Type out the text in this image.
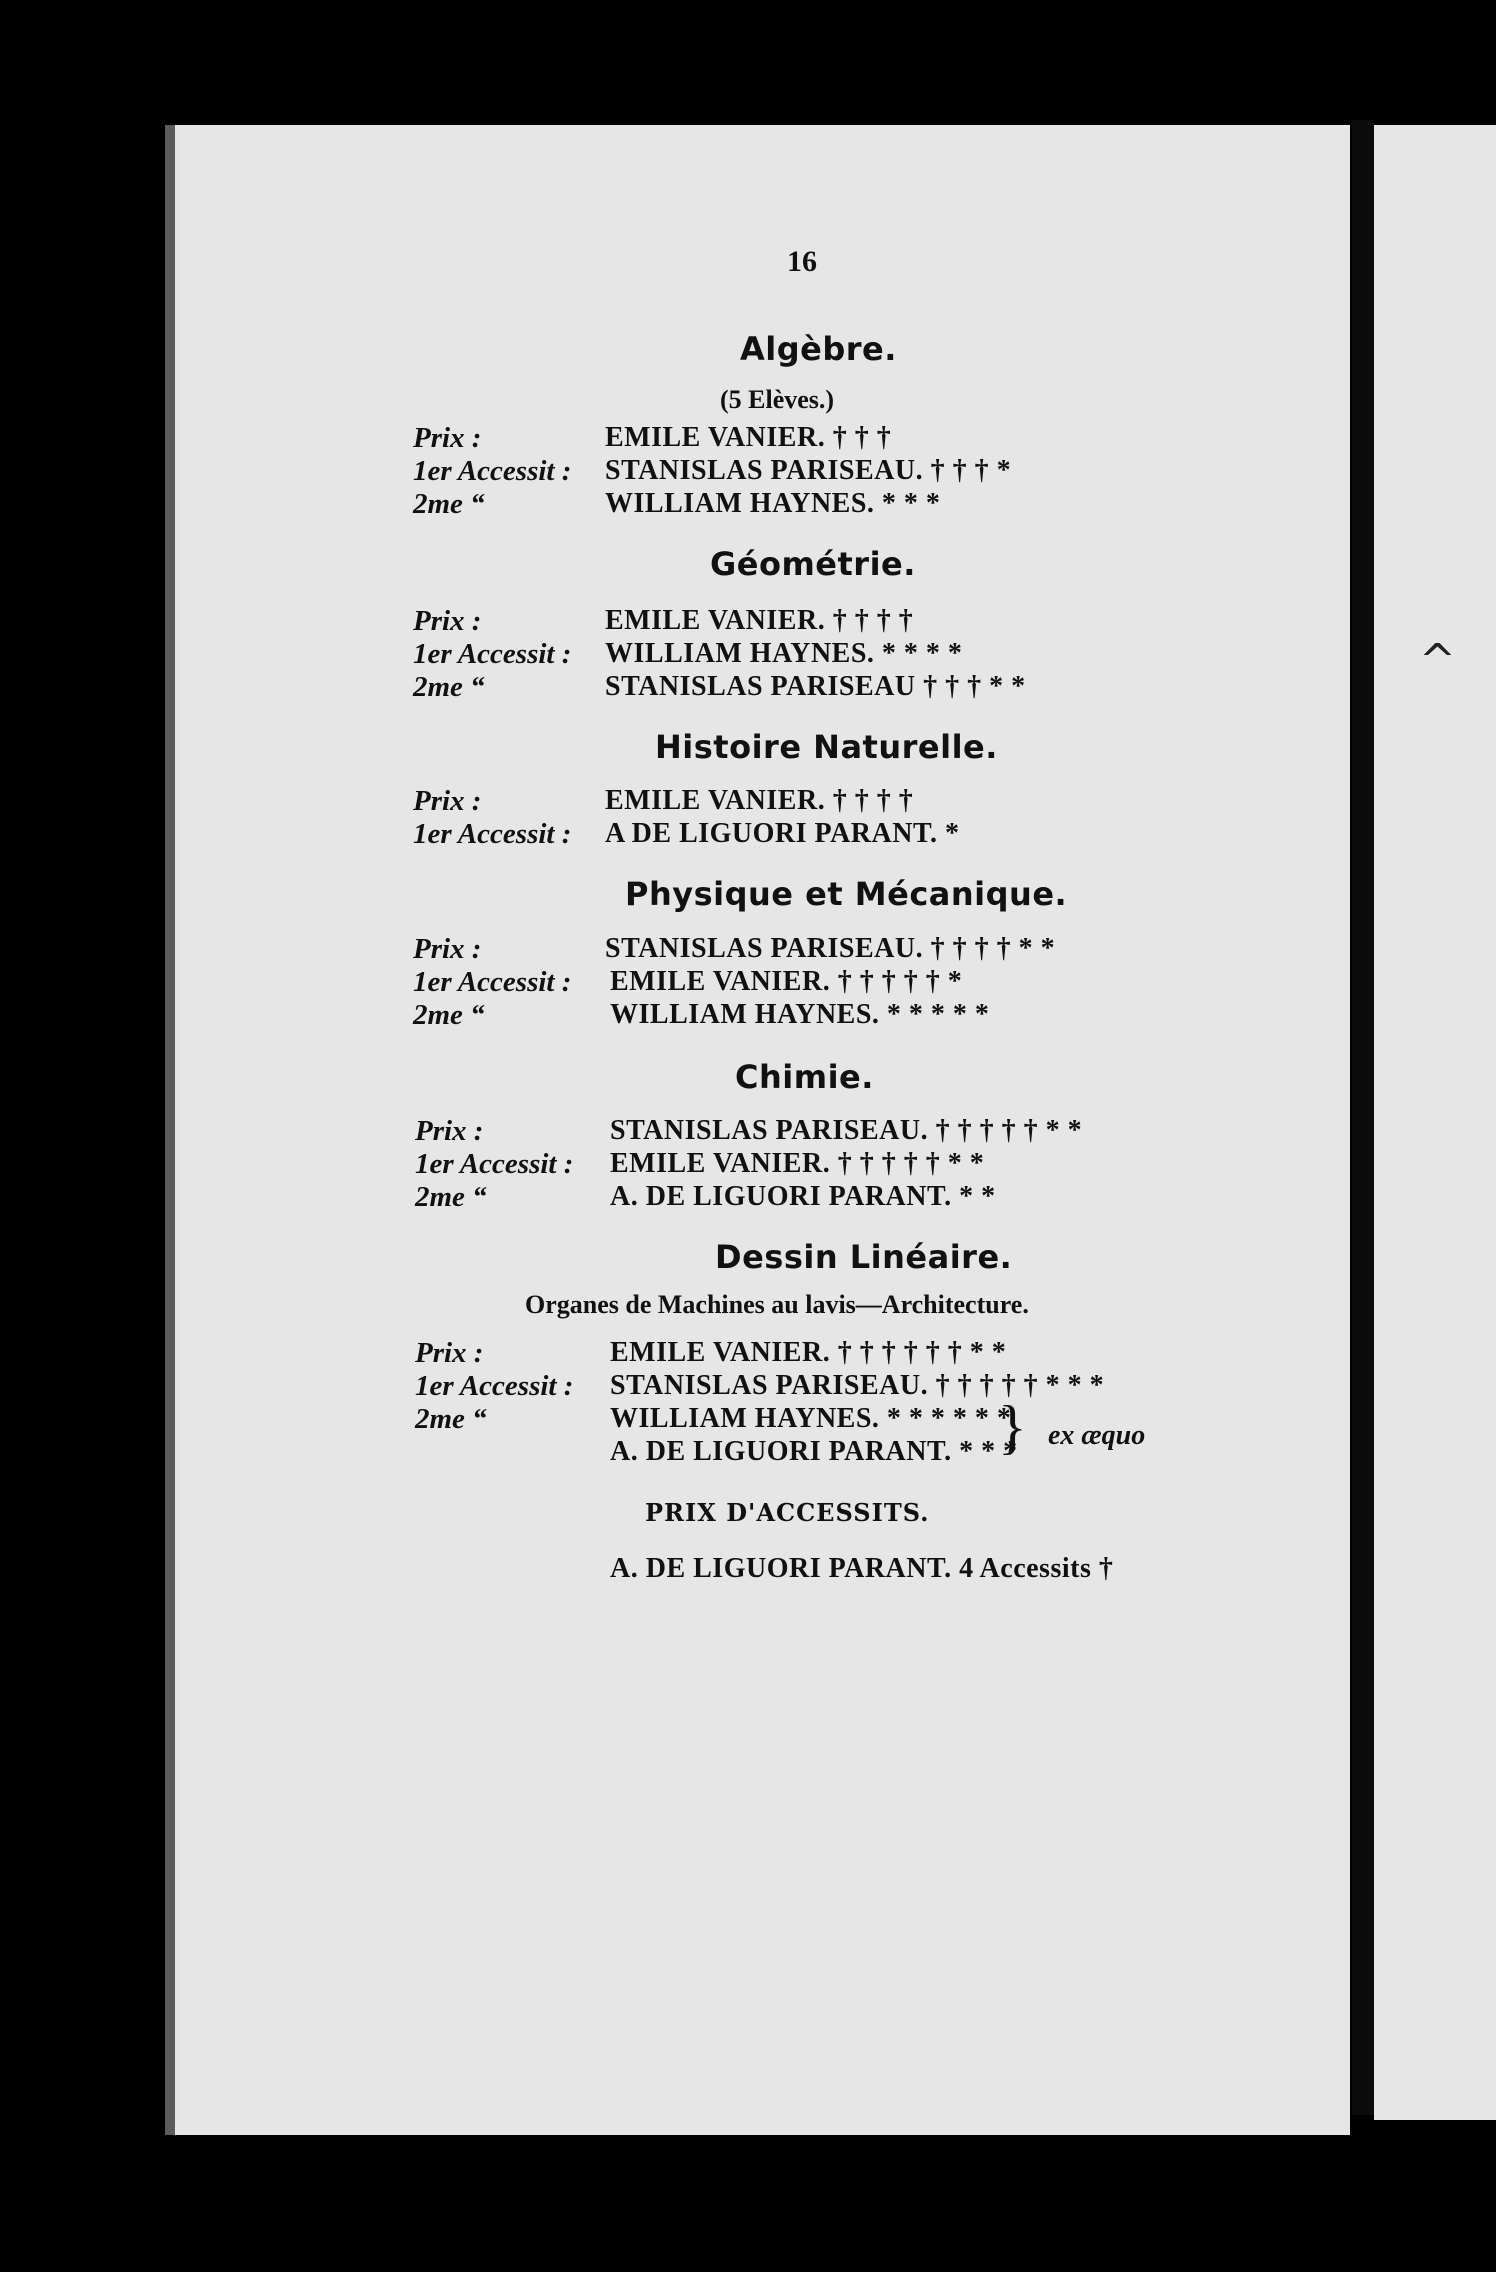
16
Algèbre.
(5 Elèves.)
Prix :	EMILE VANIER. † † †
1er Accessit : STANISLAS PARISEAU. † † † *
2me “	WILLIAM HAYNES. * * *
Géométrie.
Prix :	EMILE VANIER. † † † †
1er Accessit : WILLIAM HAYNES. * * * *
2me “	STANISLAS PARISEAU † † † * *
Histoire Naturelle.
Prix :	EMILE VANIER. † † † †
1er Accessit : A DE LIGUORI PARANT. *
Physique et Mécanique.
Prix :	STANISLAS PARISEAU. † † † † * *
1er Accessit : EMILE VANIER. † † † † † *
2me “	WILLIAM HAYNES. * * * * *
Chimie.
Prix :	STANISLAS PARISEAU. † † † † † * *
1er Accessit : EMILE VANIER. † † † † † * *
2me “	A. DE LIGUORI PARANT. * *
Dessin Linéaire.
Organes de Machines au lavis—Architecture.
Prix :	EMILE VANIER. † † † † † † * *
1er Accessit : STANISLAS PARISEAU. † † † † † * * *
2me “	WILLIAM HAYNES. * * * * * *
A. DE LIGUORI PARANT. * * *
} ex æquo
PRIX D'ACCESSITS.
A. DE LIGUORI PARANT. 4 Accessits †
^
